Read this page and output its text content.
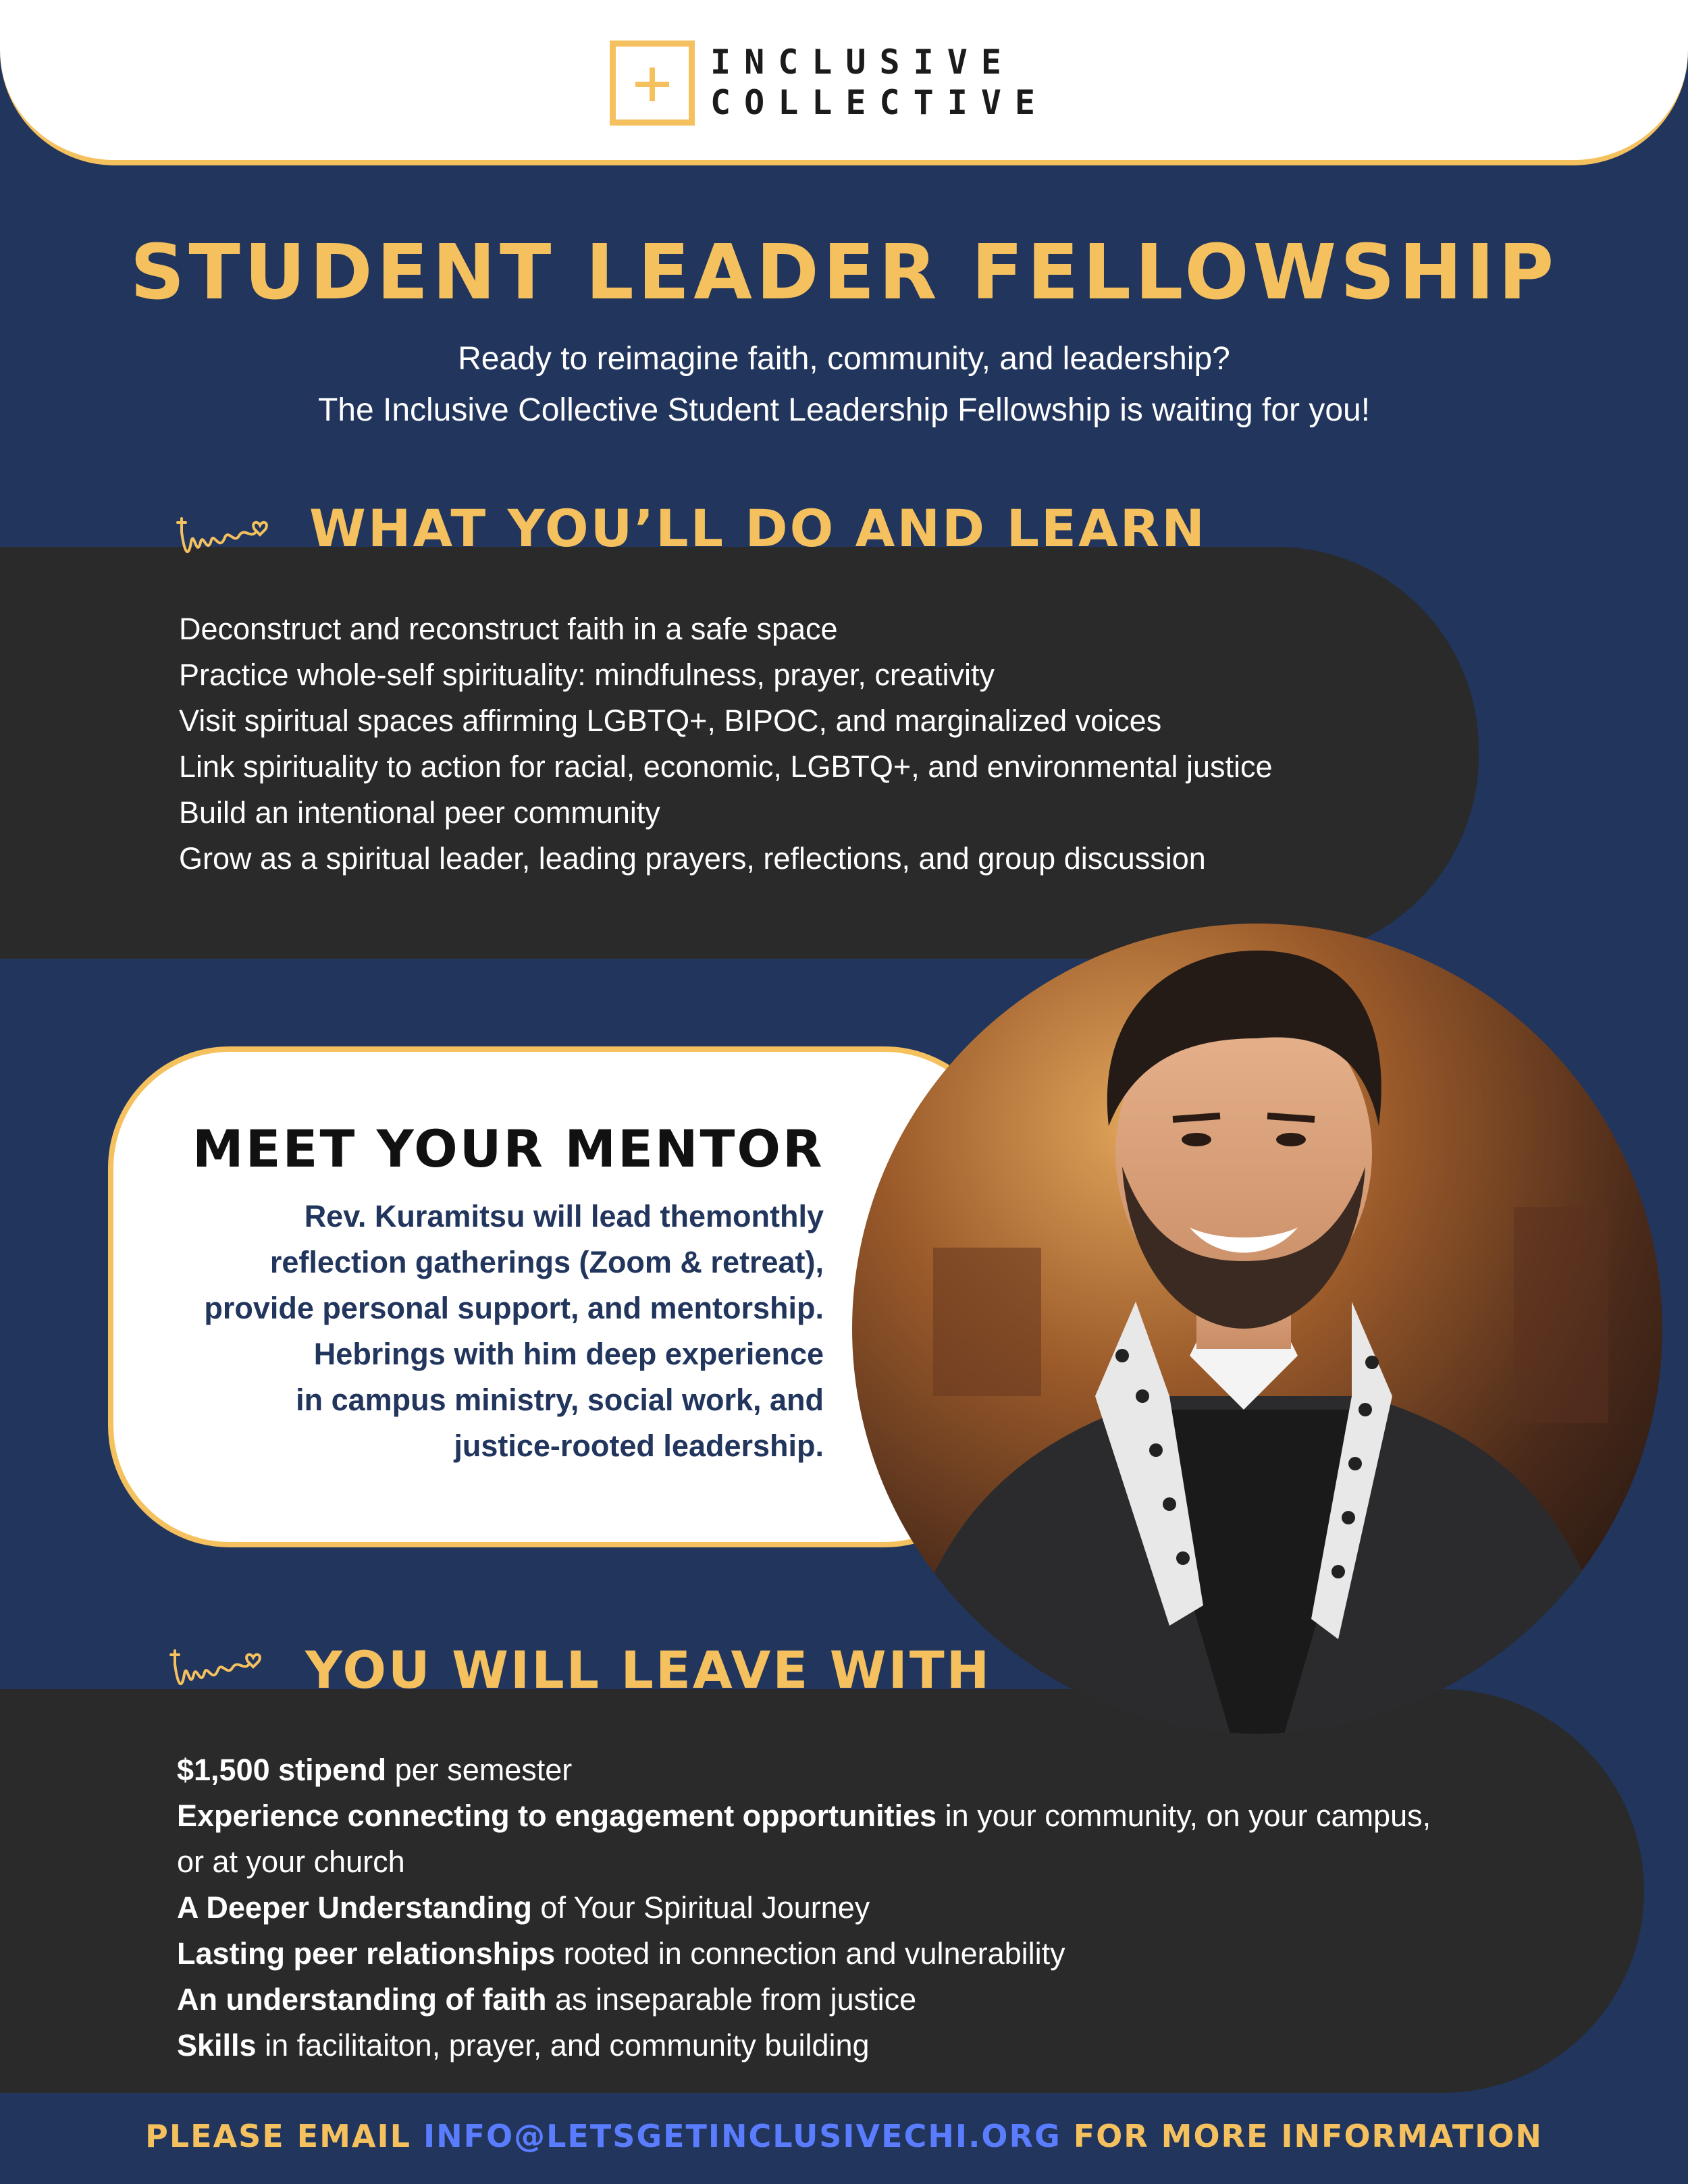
INCLUSIVE
COLLECTIVE
STUDENT LEADER FELLOWSHIP
Ready to reimagine faith, community, and leadership?
The Inclusive Collective Student Leadership Fellowship is waiting for you!
WHAT YOU’LL DO AND LEARN
Deconstruct and reconstruct faith in a safe space
Practice whole-self spirituality: mindfulness, prayer, creativity
Visit spiritual spaces affirming LGBTQ+, BIPOC, and marginalized voices
Link spirituality to action for racial, economic, LGBTQ+, and environmental justice
Build an intentional peer community
Grow as a spiritual leader, leading prayers, reflections, and group discussion
MEET YOUR MENTOR
Rev. Kuramitsu will lead themonthly
reflection gatherings (Zoom & retreat),
provide personal support, and mentorship.
Hebrings with him deep experience
in campus ministry, social work, and
justice-rooted leadership.
YOU WILL LEAVE WITH
$1,500 stipend per semester
Experience connecting to engagement opportunities in your community, on your campus,
or at your church
A Deeper Understanding of Your Spiritual Journey
Lasting peer relationships rooted in connection and vulnerability
An understanding of faith as inseparable from justice
Skills in facilitaiton, prayer, and community building
PLEASE EMAIL INFO@LETSGETINCLUSIVECHI.ORG FOR MORE INFORMATION
